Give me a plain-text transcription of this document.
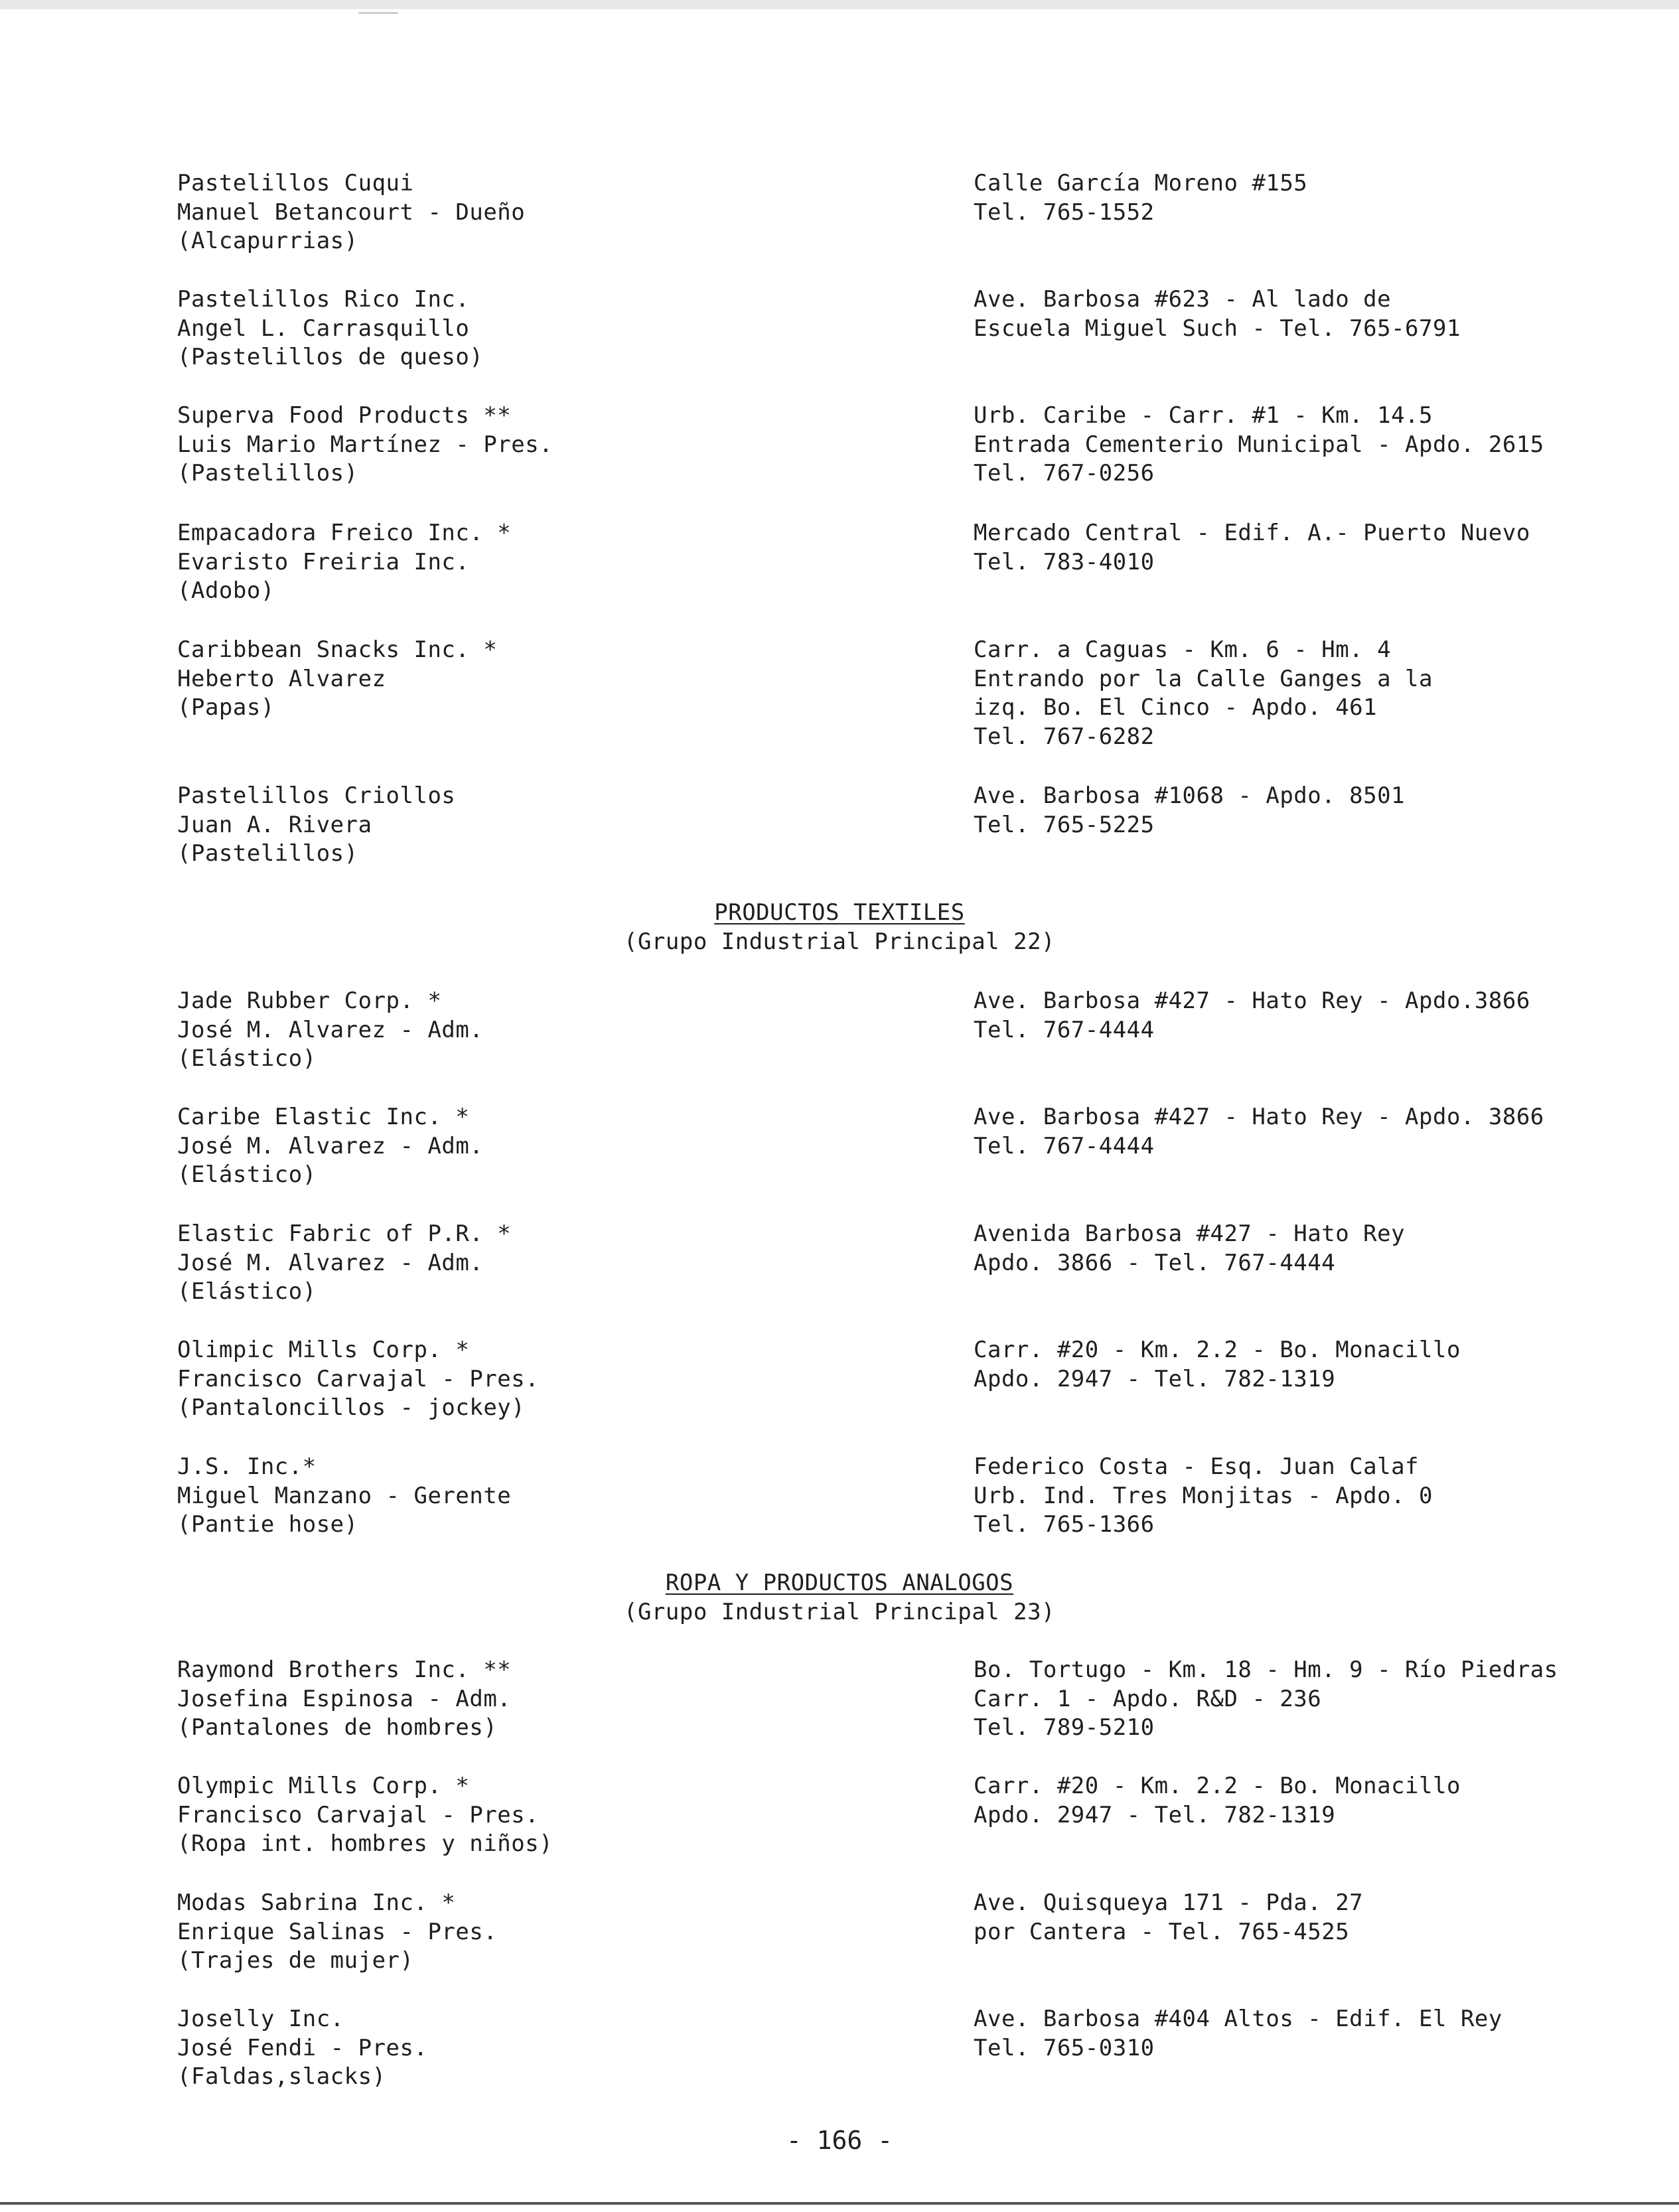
Pastelillos Cuqui
Manuel Betancourt - Dueño
(Alcapurrias)
Calle García Moreno #155
Tel. 765-1552
Pastelillos Rico Inc.
Angel L. Carrasquillo
(Pastelillos de queso)
Ave. Barbosa #623 - Al lado de
Escuela Miguel Such - Tel. 765-6791
Superva Food Products **
Luis Mario Martínez - Pres.
(Pastelillos)
Urb. Caribe - Carr. #1 - Km. 14.5
Entrada Cementerio Municipal - Apdo. 2615
Tel. 767-0256
Empacadora Freico Inc. *
Evaristo Freiria Inc.
(Adobo)
Mercado Central - Edif. A.- Puerto Nuevo
Tel. 783-4010
Caribbean Snacks Inc. *
Heberto Alvarez
(Papas)
Carr. a Caguas - Km. 6 - Hm. 4
Entrando por la Calle Ganges a la
izq. Bo. El Cinco - Apdo. 461
Tel. 767-6282
Pastelillos Criollos
Juan A. Rivera
(Pastelillos)
Ave. Barbosa #1068 - Apdo. 8501
Tel. 765-5225
PRODUCTOS TEXTILES
(Grupo Industrial Principal 22)
Jade Rubber Corp. *
José M. Alvarez - Adm.
(Elástico)
Ave. Barbosa #427 - Hato Rey - Apdo.3866
Tel. 767-4444
Caribe Elastic Inc. *
José M. Alvarez - Adm.
(Elástico)
Ave. Barbosa #427 - Hato Rey - Apdo. 3866
Tel. 767-4444
Elastic Fabric of P.R. *
José M. Alvarez - Adm.
(Elástico)
Avenida Barbosa #427 - Hato Rey
Apdo. 3866 - Tel. 767-4444
Olimpic Mills Corp. *
Francisco Carvajal - Pres.
(Pantaloncillos - jockey)
Carr. #20 - Km. 2.2 - Bo. Monacillo
Apdo. 2947 - Tel. 782-1319
J.S. Inc.*
Miguel Manzano - Gerente
(Pantie hose)
Federico Costa - Esq. Juan Calaf
Urb. Ind. Tres Monjitas - Apdo. 0
Tel. 765-1366
ROPA Y PRODUCTOS ANALOGOS
(Grupo Industrial Principal 23)
Raymond Brothers Inc. **
Josefina Espinosa - Adm.
(Pantalones de hombres)
Bo. Tortugo - Km. 18 - Hm. 9 - Río Piedras
Carr. 1 - Apdo. R&D - 236
Tel. 789-5210
Olympic Mills Corp. *
Francisco Carvajal - Pres.
(Ropa int. hombres y niños)
Carr. #20 - Km. 2.2 - Bo. Monacillo
Apdo. 2947 - Tel. 782-1319
Modas Sabrina Inc. *
Enrique Salinas - Pres.
(Trajes de mujer)
Ave. Quisqueya 171 - Pda. 27
por Cantera - Tel. 765-4525
Joselly Inc.
José Fendi - Pres.
(Faldas,slacks)
Ave. Barbosa #404 Altos - Edif. El Rey
Tel. 765-0310
- 166 -
